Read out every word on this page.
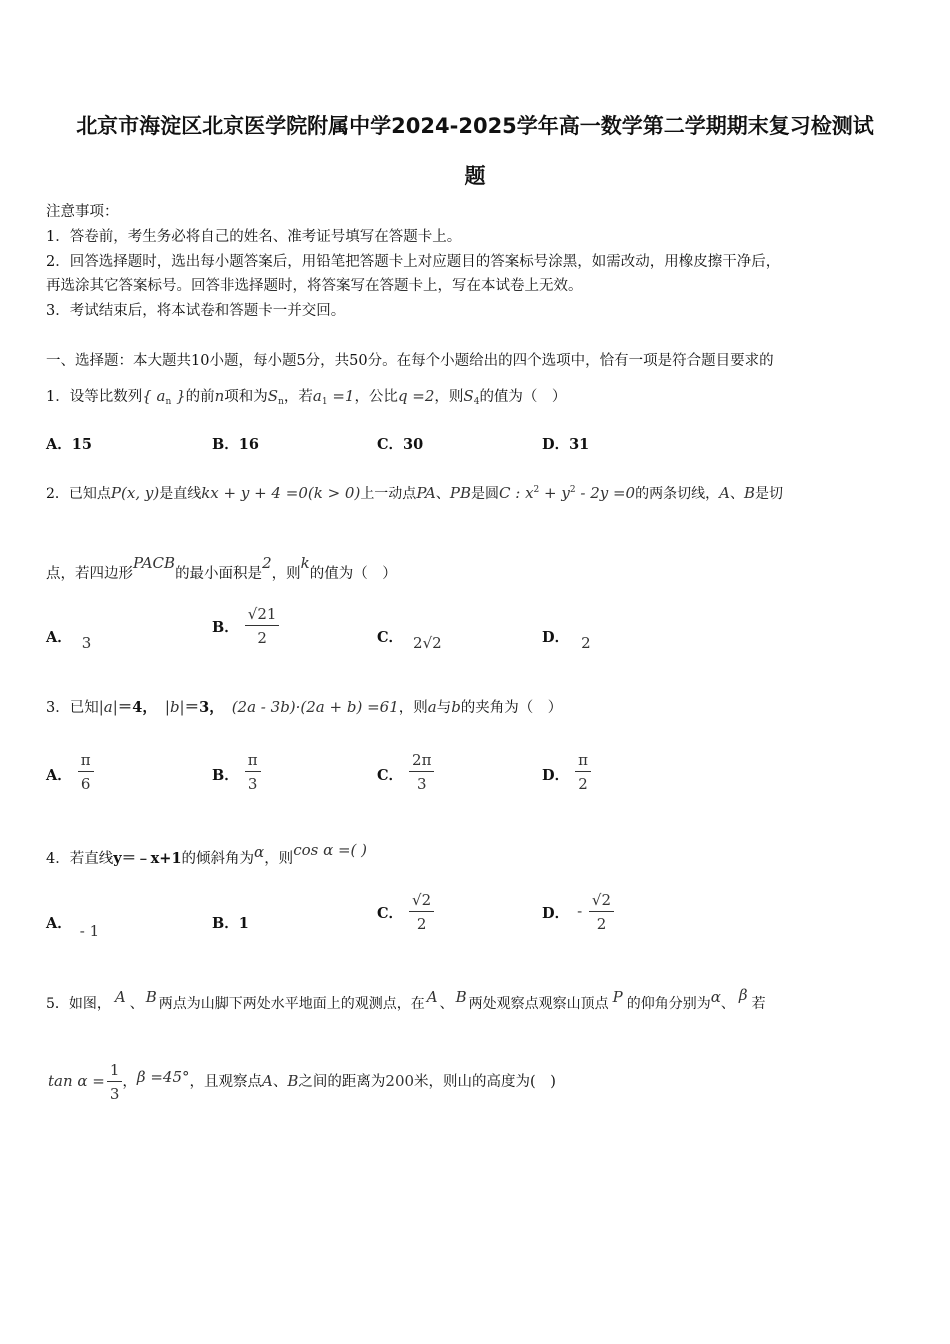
北京市海淀区北京医学院附属中学2024-2025学年高一数学第二学期期末复习检测试
题
注意事项：
1．答卷前，考生务必将自己的姓名、准考证号填写在答题卡上。
2．回答选择题时，选出每小题答案后，用铅笔把答题卡上对应题目的答案标号涂黑，如需改动，用橡皮擦干净后，
再选涂其它答案标号。回答非选择题时，将答案写在答题卡上，写在本试卷上无效。
3．考试结束后，将本试卷和答题卡一并交回。
一、选择题：本大题共10小题，每小题5分，共50分。在每个小题给出的四个选项中，恰有一项是符合题目要求的
1．设等比数列{ $a_n$ }的前n项和为$S_n$，若$a_1 =1$，公比q =2，则$S_4$的值为（　）
A．15	B．16	C．30	D．31
2．已知点P(x, y)是直线kx + y + 4 =0(k > 0)上一动点PA、PB是圆C : $x^2 + y^2 - 2y =0$的两条切线，A、B是切
点，若四边形PACB的最小面积是2，则k的值为（　）
A． 3
B． $\frac{√21}{2}$	C． 2√2	D． 2
3．已知|a|＝4， |b|＝3， (2a - 3b)·(2a + b) =61，则a与b的夹角为（　）
A． $\frac{\pi}{6}$	B． $\frac{\pi}{3}$	C． $\frac{2\pi}{3}$	D． $\frac{\pi}{2}$
4．若直线y＝﹣x+1的倾斜角为α，则cos α =( )
A． - 1	B．1
C． $\frac{√2}{2}$	D． - $\frac{√2}{2}$
5．如图， A 、 B 两点为山脚下两处水平地面上的观测点，在 A 、 B 两处观察点观察山顶点 P 的仰角分别为α、 β 若
$\tan \alpha = \frac{1}{3}$ ，β =45°，且观察点A、B之间的距离为200米，则山的高度为(　)
